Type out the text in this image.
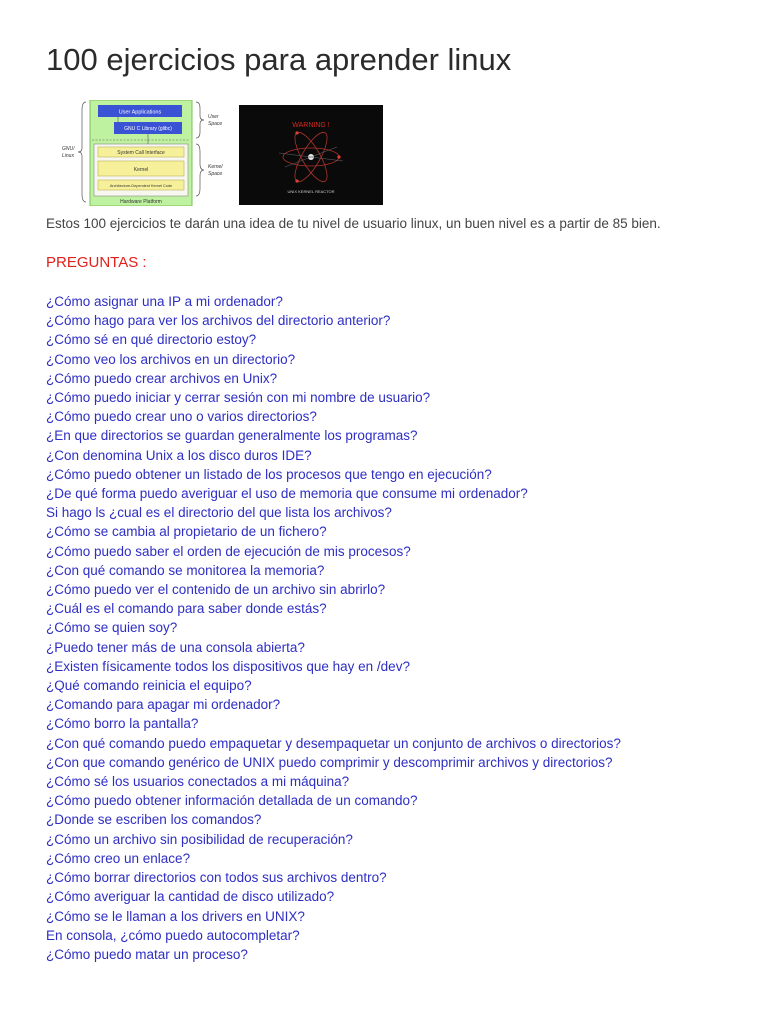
100 ejercicios para aprender linux
User Applications
GNU C Library (glibc)
System Call Interface
Kernel
Architecture-Dependent Kernel Code
Hardware Platform
GNU/
Linux
User
Space
Kernel
Space
WARNING !
UNIX KERNEL REACTOR
Estos 100 ejercicios te darán una idea de tu nivel de usuario linux, un buen nivel es a partir de 85 bien.
PREGUNTAS :
¿Cómo asignar una IP a mi ordenador?
¿Cómo hago para ver los archivos del directorio anterior?
¿Cómo sé en qué directorio estoy?
¿Como veo los archivos en un directorio?
¿Cómo puedo crear archivos en Unix?
¿Cómo puedo iniciar y cerrar sesión con mi nombre de usuario?
¿Cómo puedo crear uno o varios directorios?
¿En que directorios se guardan generalmente los programas?
¿Con denomina Unix a los disco duros IDE?
¿Cómo puedo obtener un listado de los procesos que tengo en ejecución?
¿De qué forma puedo averiguar el uso de memoria que consume mi ordenador?
Si hago ls ¿cual es el directorio del que lista los archivos?
¿Cómo se cambia al propietario de un fichero?
¿Cómo puedo saber el orden de ejecución de mis procesos?
¿Con qué comando se monitorea la memoria?
¿Cómo puedo ver el contenido de un archivo sin abrirlo?
¿Cuál es el comando para saber donde estás?
¿Cómo se quien soy?
¿Puedo tener más de una consola abierta?
¿Existen físicamente todos los dispositivos que hay en /dev?
¿Qué comando reinicia el equipo?
¿Comando para apagar mi ordenador?
¿Cómo borro la pantalla?
¿Con qué comando puedo empaquetar y desempaquetar un conjunto de archivos o directorios?
¿Con que comando genérico de UNIX puedo comprimir y descomprimir archivos y directorios?
¿Cómo sé los usuarios conectados a mi máquina?
¿Cómo puedo obtener información detallada de un comando?
¿Donde se escriben los comandos?
¿Cómo un archivo sin posibilidad de recuperación?
¿Cómo creo un enlace?
¿Cómo borrar directorios con todos sus archivos dentro?
¿Cómo averiguar la cantidad de disco utilizado?
¿Cómo se le llaman a los drivers en UNIX?
En consola, ¿cómo puedo autocompletar?
¿Cómo puedo matar un proceso?
